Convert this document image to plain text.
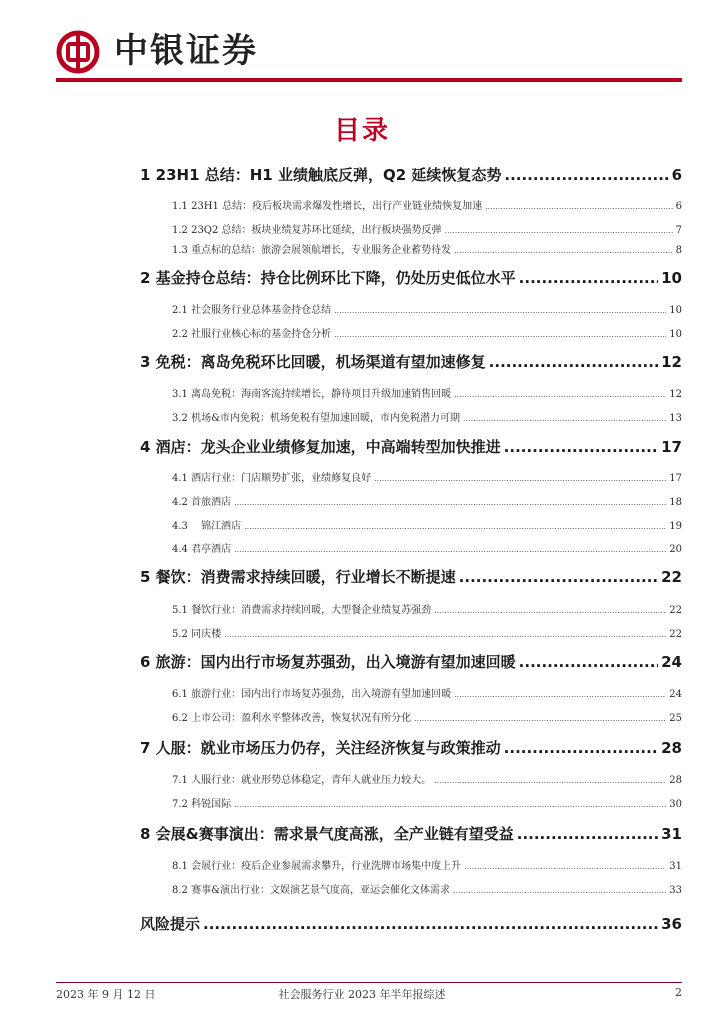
中银证券
目录
1 23H1 总结：H1 业绩触底反弹，Q2 延续恢复态势 .....	6
1.1 23H1 总结：疫后板块需求爆发性增长，出行产业链业绩恢复加速 .....	6
1.2 23Q2 总结：板块业绩复苏环比延续，出行板块强势反弹 .....	7
1.3 重点标的总结：旅游会展领航增长，专业服务企业蓄势待发 .....	8
2 基金持仓总结：持仓比例环比下降，仍处历史低位水平 .....	10
2.1 社会服务行业总体基金持仓总结 .....	10
2.2 社服行业核心标的基金持仓分析 .....	10
3 免税：离岛免税环比回暖，机场渠道有望加速修复 .....	12
3.1 离岛免税：海南客流持续增长，静待项目升级加速销售回暖 .....	12
3.2 机场&市内免税：机场免税有望加速回暖，市内免税潜力可期 .....	13
4 酒店：龙头企业业绩修复加速，中高端转型加快推进 .....	17
4.1 酒店行业：门店顺势扩张，业绩修复良好 .....	17
4.2 首旅酒店 .....	18
4.3　 锦江酒店 .....	19
4.4 君亭酒店 .....	20
5 餐饮：消费需求持续回暖，行业增长不断提速 .....	22
5.1 餐饮行业：消费需求持续回暖，大型餐企业绩复苏强劲 .....	22
5.2 同庆楼 .....	22
6 旅游：国内出行市场复苏强劲，出入境游有望加速回暖 .....	24
6.1 旅游行业：国内出行市场复苏强劲，出入境游有望加速回暖 .....	24
6.2 上市公司：盈利水平整体改善，恢复状况有所分化 .....	25
7 人服：就业市场压力仍存，关注经济恢复与政策推动 .....	28
7.1 人服行业：就业形势总体稳定，青年人就业压力较大。 .....	28
7.2 科锐国际 .....	30
8 会展&赛事演出：需求景气度高涨，全产业链有望受益 .....	31
8.1 会展行业：疫后企业参展需求攀升，行业洗牌市场集中度上升 .....	31
8.2 赛事&演出行业：文娱演艺景气度高，亚运会催化文体需求 .....	33
风险提示 .....	36
2023 年 9 月 12 日	社会服务行业 2023 年半年报综述	2
